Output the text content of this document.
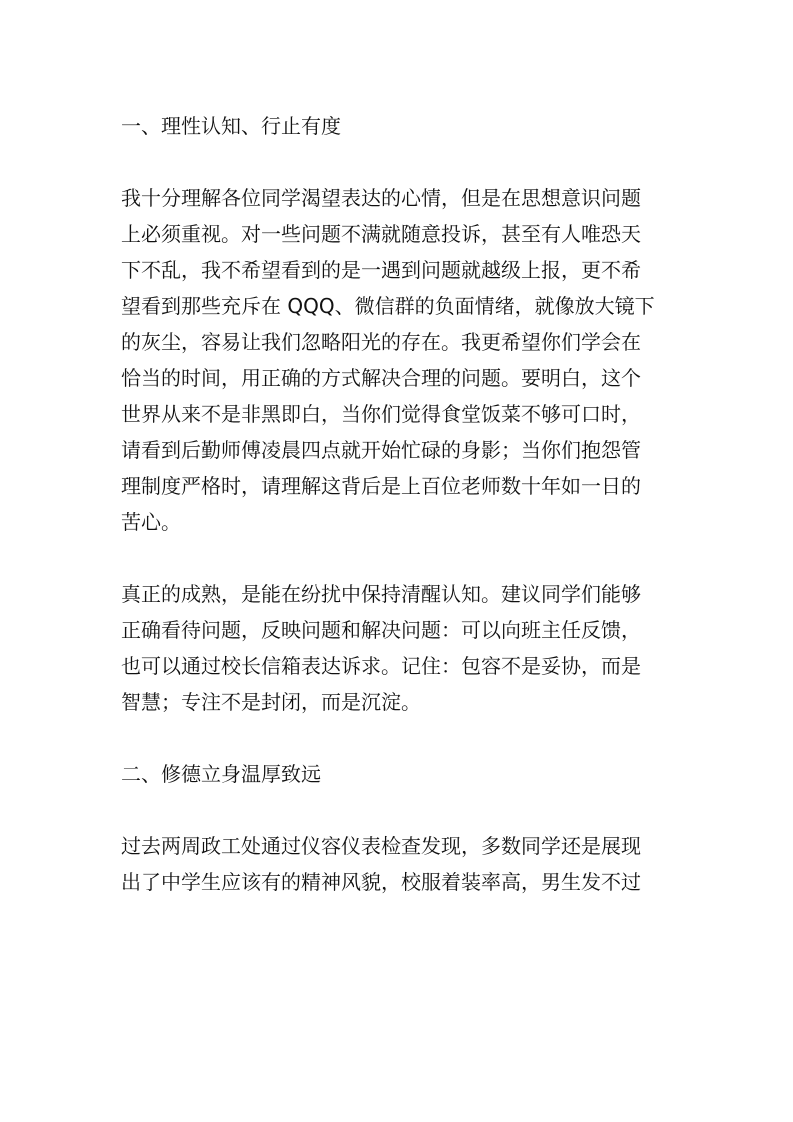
一、理性认知、行止有度

我十分理解各位同学渴望表达的心情，但是在思想意识问题
上必须重视。对一些问题不满就随意投诉，甚至有人唯恐天
下不乱，我不希望看到的是一遇到问题就越级上报，更不希
望看到那些充斥在 QQQ、微信群的负面情绪，就像放大镜下
的灰尘，容易让我们忽略阳光的存在。我更希望你们学会在
恰当的时间，用正确的方式解决合理的问题。要明白，这个
世界从来不是非黑即白，当你们觉得食堂饭菜不够可口时，
请看到后勤师傅凌晨四点就开始忙碌的身影；当你们抱怨管
理制度严格时，请理解这背后是上百位老师数十年如一日的
苦心。

真正的成熟，是能在纷扰中保持清醒认知。建议同学们能够
正确看待问题，反映问题和解决问题：可以向班主任反馈，
也可以通过校长信箱表达诉求。记住：包容不是妥协，而是
智慧；专注不是封闭，而是沉淀。

二、修德立身温厚致远

过去两周政工处通过仪容仪表检查发现，多数同学还是展现
出了中学生应该有的精神风貌，校服着装率高，男生发不过
